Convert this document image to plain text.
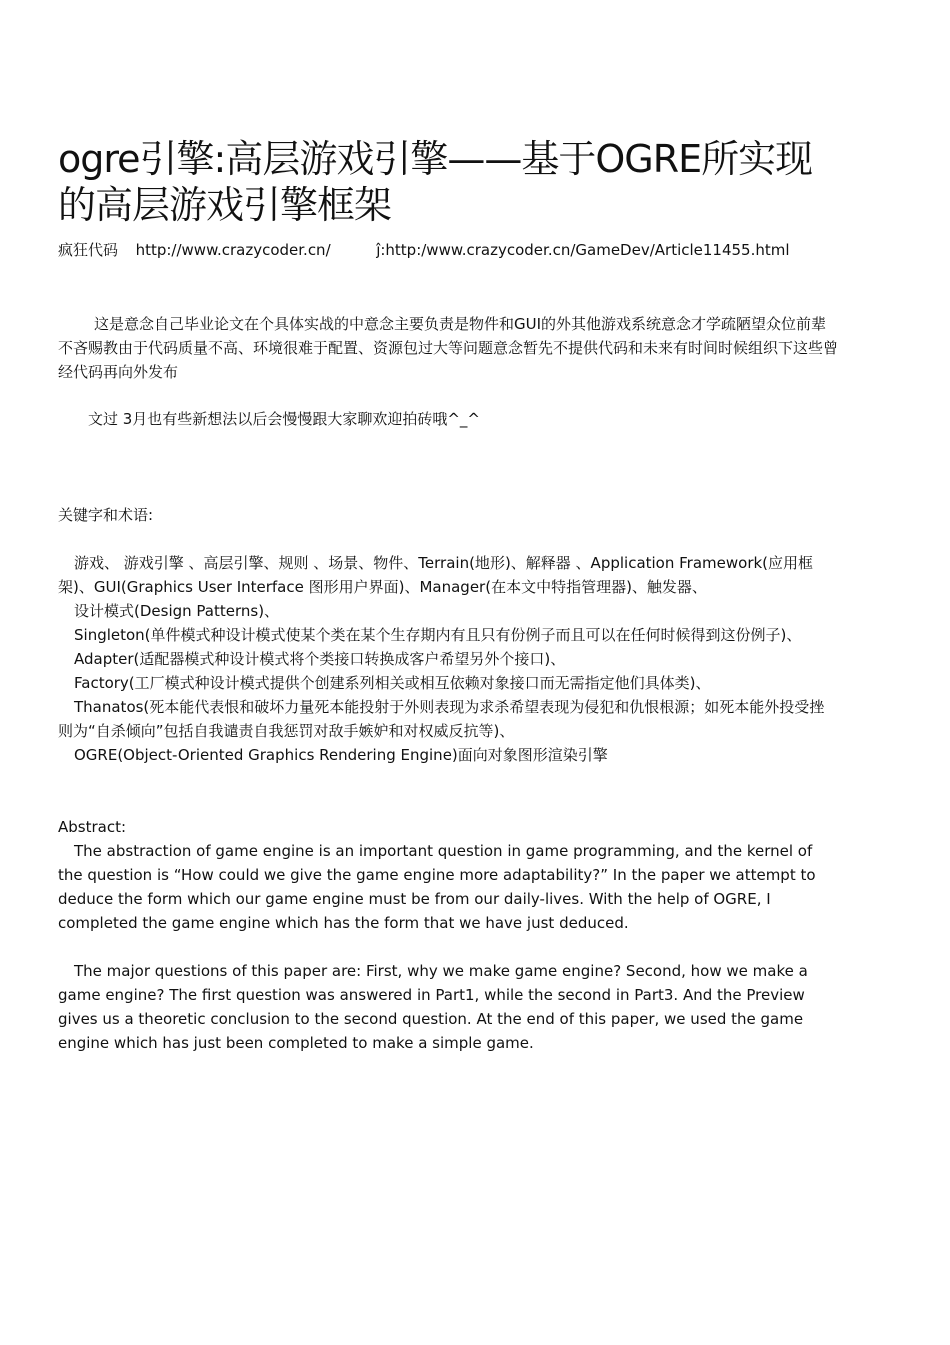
ogre引擎:高层游戏引擎——基于OGRE所实现的高层游戏引擎框架
疯狂代码 http://www.crazycoder.cn/	ĵ:http:/www.crazycoder.cn/GameDev/Article11455.html

这是意念自己毕业论文在个具体实战的中意念主要负责是物件和GUI的外其他游戏系统意念才学疏陋望众位前辈不吝赐教由于代码质量不高、环境很难于配置、资源包过大等问题意念暂先不提供代码和未来有时间时候组织下这些曾经代码再向外发布

文过 3月也有些新想法以后会慢慢跟大家聊欢迎拍砖哦^_^

关键字和术语:

游戏、 游戏引擎 、高层引擎、规则 、场景、物件、Terrain(地形)、解释器 、Application Framework(应用框架)、GUI(Graphics User Interface 图形用户界面)、Manager(在本文中特指管理器)、触发器、
设计模式(Design Patterns)、
Singleton(单件模式种设计模式使某个类在某个生存期内有且只有份例子而且可以在任何时候得到这份例子)、
Adapter(适配器模式种设计模式将个类接口转换成客户希望另外个接口)、
Factory(工厂模式种设计模式提供个创建系列相关或相互依赖对象接口而无需指定他们具体类)、
Thanatos(死本能代表恨和破坏力量死本能投射于外则表现为求杀希望表现为侵犯和仇恨根源；如死本能外投受挫则为“自杀倾向”包括自我谴责自我惩罚对敌手嫉妒和对权威反抗等)、
OGRE(Object-Oriented Graphics Rendering Engine)面向对象图形渲染引擎

Abstract:

The abstraction of game engine is an important question in game programming, and the kernel of the question is “How could we give the game engine more adaptability?” In the paper we attempt to deduce the form which our game engine must be from our daily-lives. With the help of OGRE, I completed the game engine which has the form that we have just deduced.

The major questions of this paper are: First, why we make game engine? Second, how we make a game engine? The first question was answered in Part1, while the second in Part3. And the Preview gives us a theoretic conclusion to the second question. At the end of this paper, we used the game engine which has just been completed to make a simple game.
